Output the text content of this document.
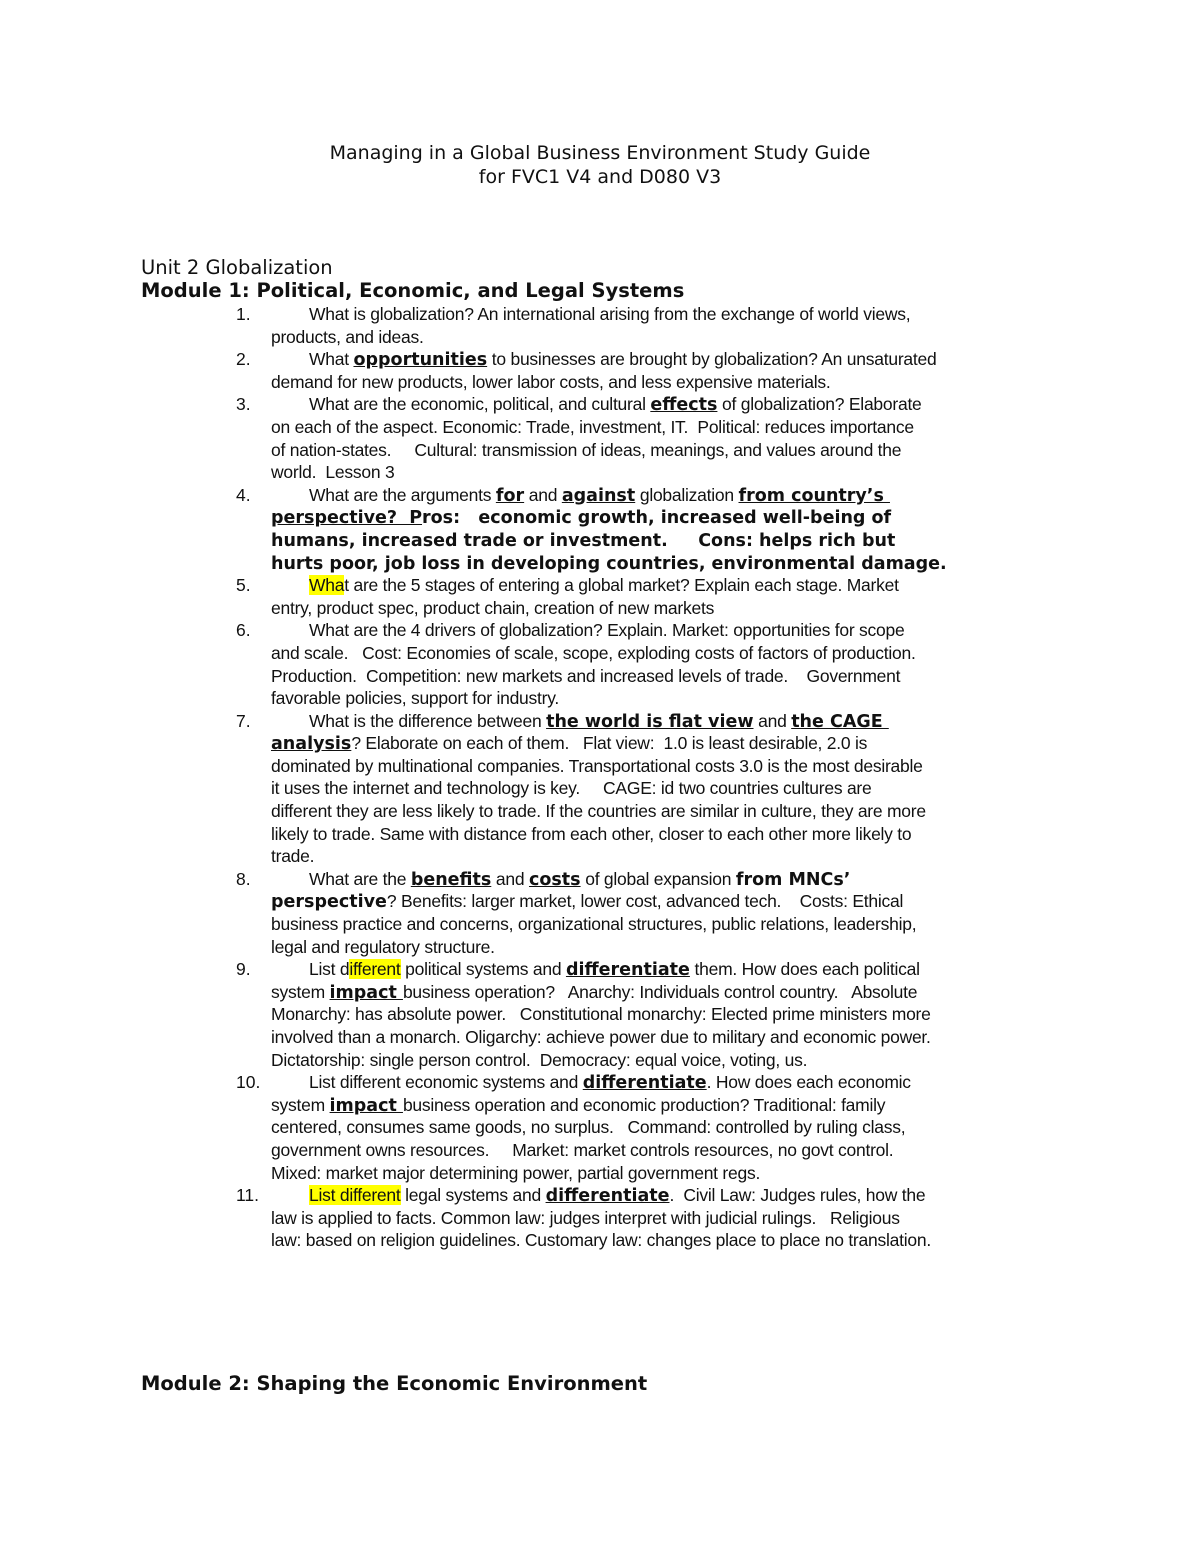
Managing in a Global Business Environment Study Guide
for FVC1 V4 and D080 V3
Unit 2 Globalization
Module 1: Political, Economic, and Legal Systems
1.	What is globalization? An international arising from the exchange of world views,
products, and ideas.
2.	What opportunities to businesses are brought by globalization? An unsaturated
demand for new products, lower labor costs, and less expensive materials.
3.	What are the economic, political, and cultural effects of globalization? Elaborate
on each of the aspect. Economic: Trade, investment, IT.  Political: reduces importance
of nation-states.     Cultural: transmission of ideas, meanings, and values around the
world.  Lesson 3
4.	What are the arguments for and against globalization from country’s
perspective?  Pros:   economic growth, increased well-being of
humans, increased trade or investment.     Cons: helps rich but
hurts poor, job loss in developing countries, environmental damage.
5.	What are the 5 stages of entering a global market? Explain each stage. Market
entry, product spec, product chain, creation of new markets
6.	What are the 4 drivers of globalization? Explain. Market: opportunities for scope
and scale.   Cost: Economies of scale, scope, exploding costs of factors of production.
Production.  Competition: new markets and increased levels of trade.    Government
favorable policies, support for industry.
7.	What is the difference between the world is flat view and the CAGE
analysis? Elaborate on each of them.   Flat view:  1.0 is least desirable, 2.0 is
dominated by multinational companies. Transportational costs 3.0 is the most desirable
it uses the internet and technology is key.     CAGE: id two countries cultures are
different they are less likely to trade. If the countries are similar in culture, they are more
likely to trade. Same with distance from each other, closer to each other more likely to
trade.
8.	What are the benefits and costs of global expansion from MNCs’
perspective? Benefits: larger market, lower cost, advanced tech.    Costs: Ethical
business practice and concerns, organizational structures, public relations, leadership,
legal and regulatory structure.
9.	List different political systems and differentiate them. How does each political
system impact business operation?   Anarchy: Individuals control country.   Absolute
Monarchy: has absolute power.   Constitutional monarchy: Elected prime ministers more
involved than a monarch. Oligarchy: achieve power due to military and economic power.
Dictatorship: single person control.  Democracy: equal voice, voting, us.
10.	List different economic systems and differentiate. How does each economic
system impact business operation and economic production? Traditional: family
centered, consumes same goods, no surplus.   Command: controlled by ruling class,
government owns resources.     Market: market controls resources, no govt control.
Mixed: market major determining power, partial government regs.
11.	List different legal systems and differentiate.  Civil Law: Judges rules, how the
law is applied to facts. Common law: judges interpret with judicial rulings.   Religious
law: based on religion guidelines. Customary law: changes place to place no translation.
Module 2: Shaping the Economic Environment
